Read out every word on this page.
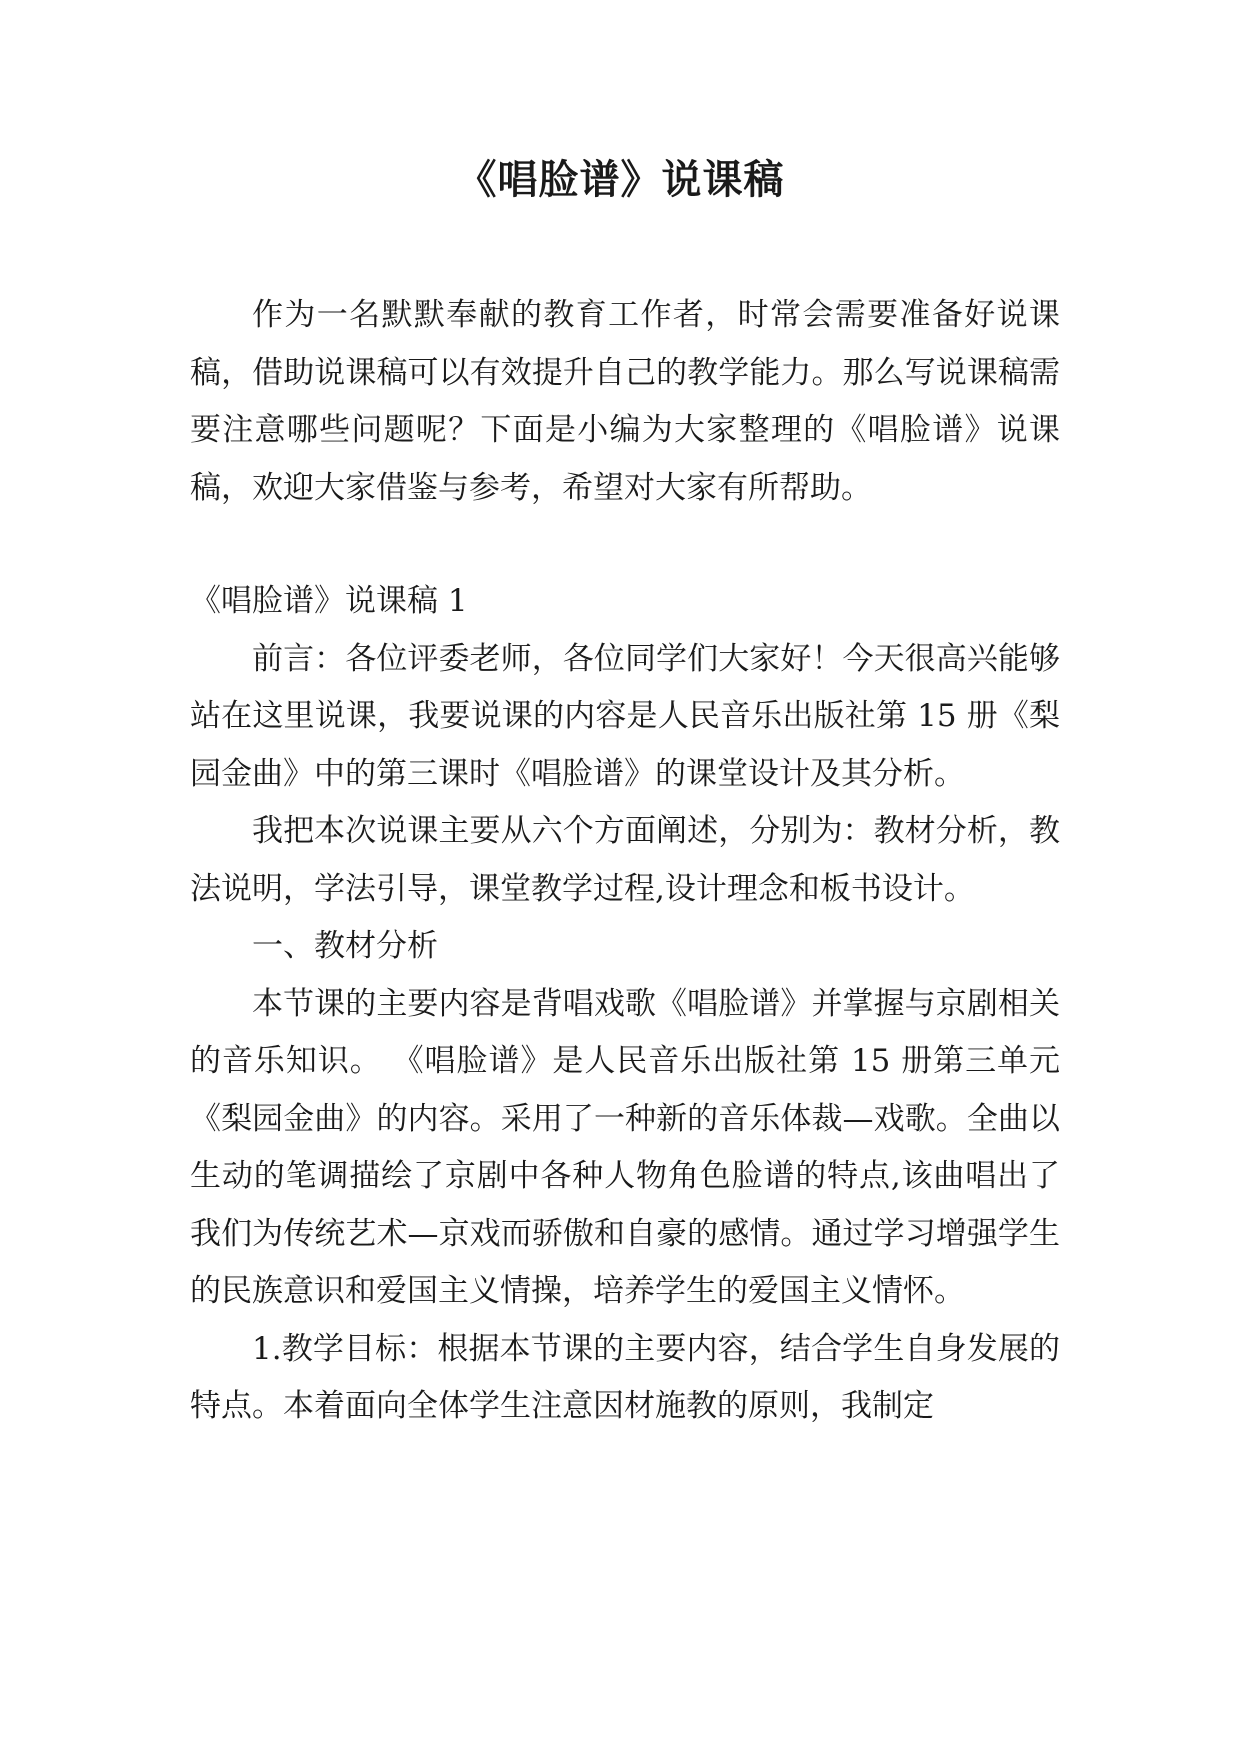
《唱脸谱》说课稿

作为一名默默奉献的教育工作者，时常会需要准备好说课稿，借助说课稿可以有效提升自己的教学能力。那么写说课稿需要注意哪些问题呢？下面是小编为大家整理的《唱脸谱》说课稿，欢迎大家借鉴与参考，希望对大家有所帮助。

《唱脸谱》说课稿 1

前言：各位评委老师，各位同学们大家好！今天很高兴能够站在这里说课，我要说课的内容是人民音乐出版社第 15 册《梨园金曲》中的第三课时《唱脸谱》的课堂设计及其分析。

我把本次说课主要从六个方面阐述，分别为：教材分析，教法说明，学法引导，课堂教学过程,设计理念和板书设计。

一、教材分析

本节课的主要内容是背唱戏歌《唱脸谱》并掌握与京剧相关的音乐知识。 《唱脸谱》是人民音乐出版社第 15 册第三单元《梨园金曲》的内容。采用了一种新的音乐体裁—戏歌。全曲以生动的笔调描绘了京剧中各种人物角色脸谱的特点,该曲唱出了我们为传统艺术—京戏而骄傲和自豪的感情。通过学习增强学生的民族意识和爱国主义情操，培养学生的爱国主义情怀。

1.教学目标：根据本节课的主要内容，结合学生自身发展的特点。本着面向全体学生注意因材施教的原则，我制定
